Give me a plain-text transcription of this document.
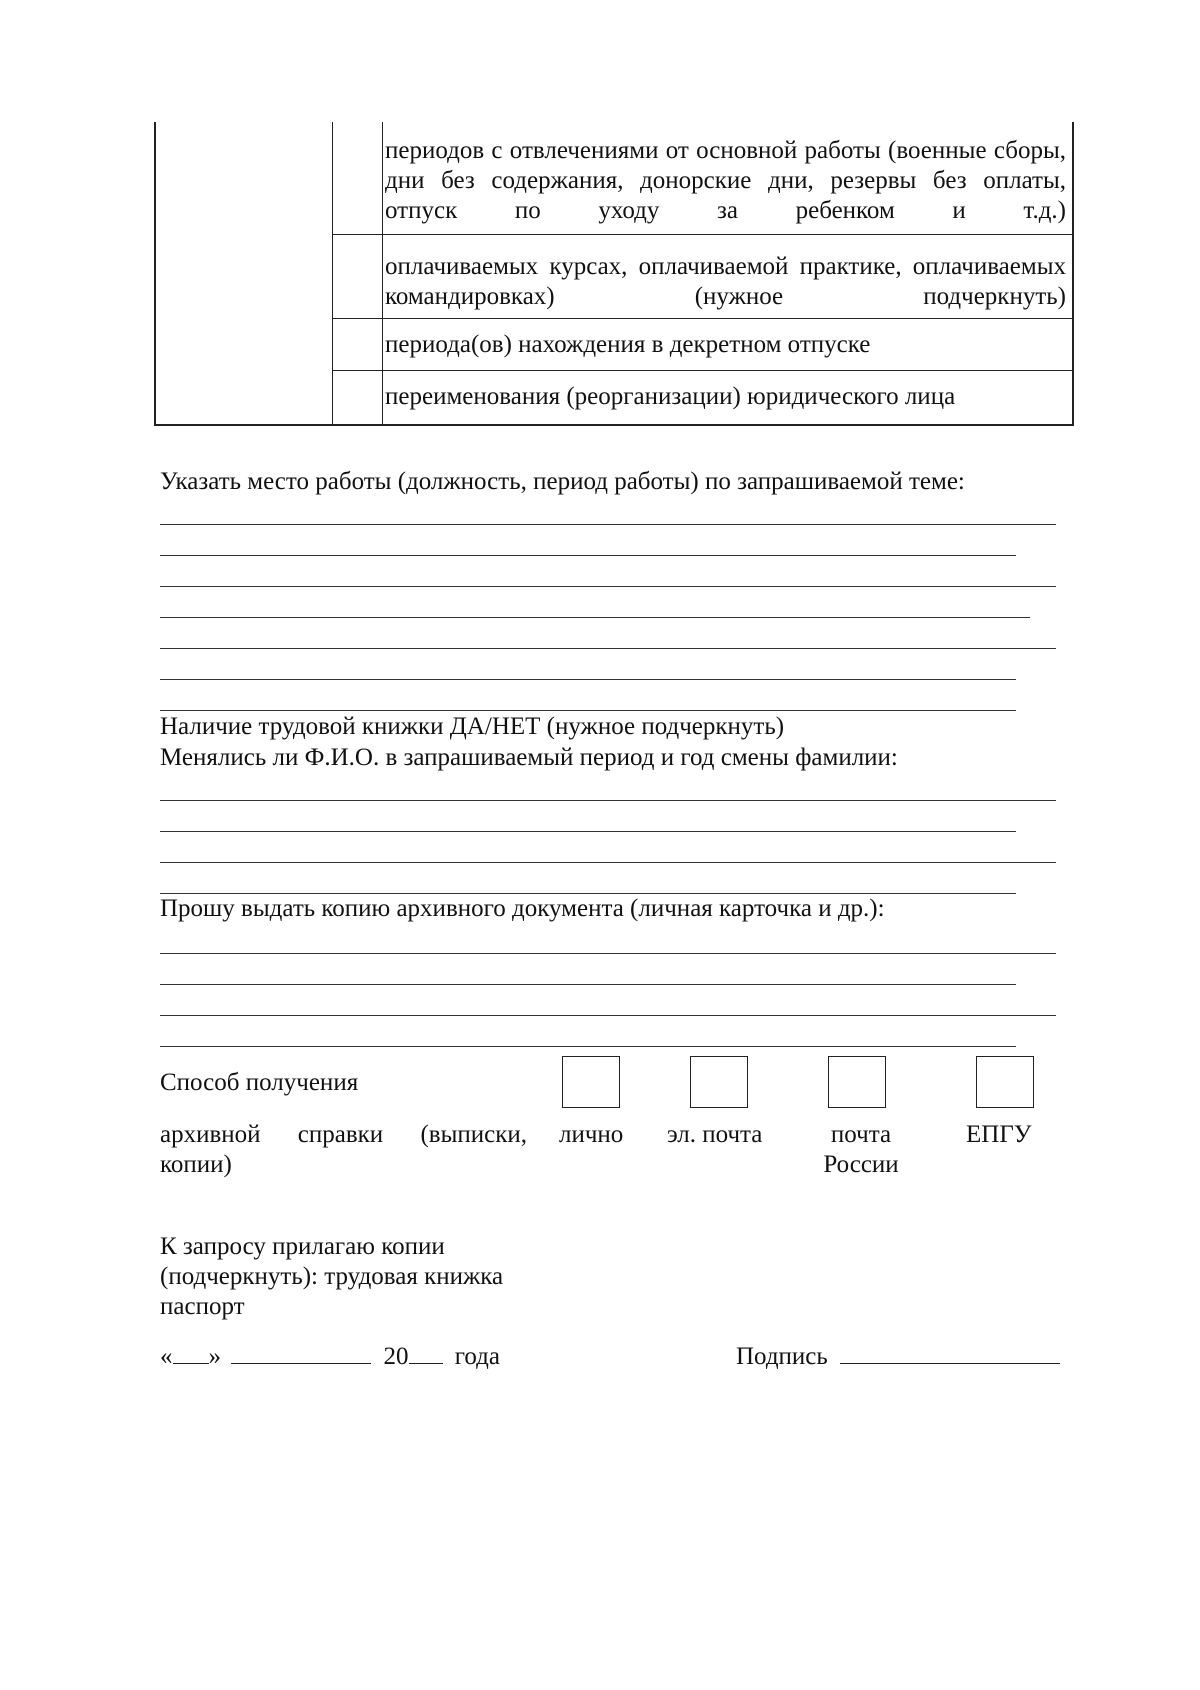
периодов с отвлечениями от основной работы (военные сборы, дни без содержания, донорские дни, резервы без оплаты, отпуск по уходу за ребенком и т.д.)
оплачиваемых курсах, оплачиваемой практике, оплачиваемых командировках) (нужное подчеркнуть)
периода(ов) нахождения в декретном отпуске
переименования (реорганизации) юридического лица
Указать место работы (должность, период работы) по запрашиваемой теме:
Наличие трудовой книжки ДА/НЕТ (нужное подчеркнуть)
Менялись ли Ф.И.О. в запрашиваемый период и год смены фамилии:
Прошу выдать копию архивного документа (личная карточка и др.):
Способ получения
архивной справки (выписки,
копии)
лично эл. почта	почта России
ЕПГУ
К запросу прилагаю копии
(подчеркнуть): трудовая книжка
паспорт
« »	20 года	Подпись
